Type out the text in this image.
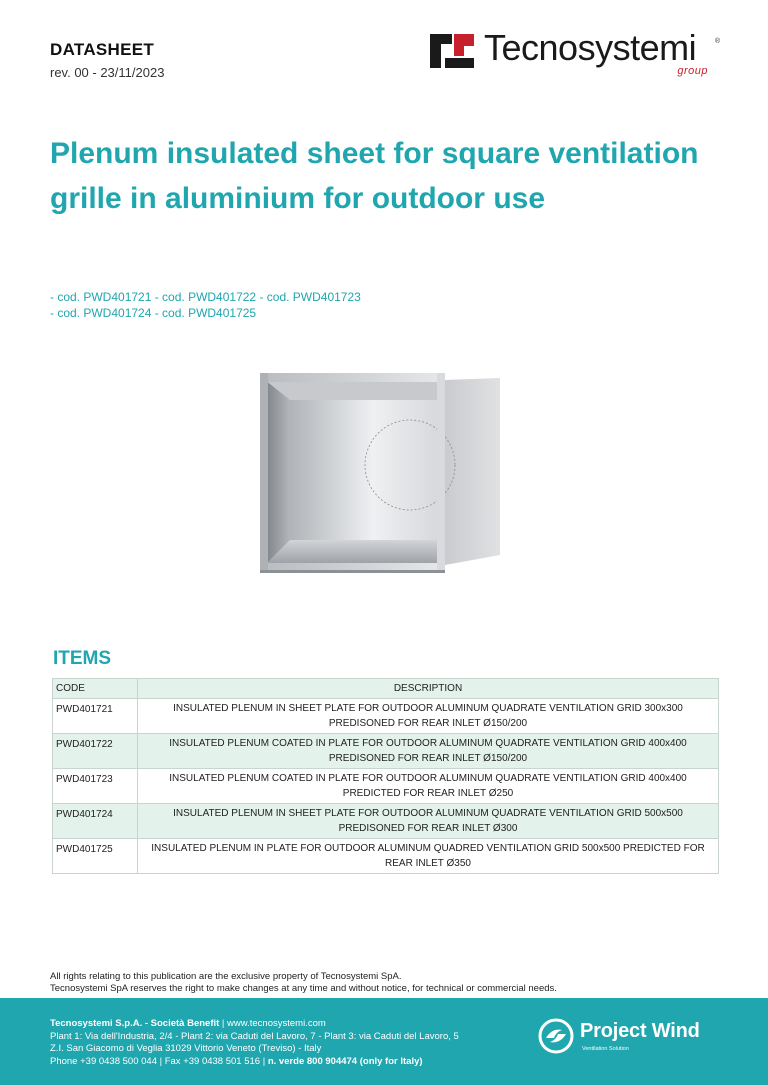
DATASHEET
rev. 00 - 23/11/2023
Tecnosystemi	®
group
Plenum insulated sheet for square ventilation grille in aluminium for outdoor use
- cod. PWD401721 - cod. PWD401722 - cod. PWD401723
- cod. PWD401724 - cod. PWD401725
ITEMS
CODE	DESCRIPTION
PWD401721	INSULATED PLENUM IN SHEET PLATE FOR OUTDOOR ALUMINUM QUADRATE VENTILATION GRID 300x300 PREDISONED FOR REAR INLET Ø150/200
PWD401722	INSULATED PLENUM COATED IN PLATE FOR OUTDOOR ALUMINUM QUADRATE VENTILATION GRID 400x400 PREDISONED FOR REAR INLET Ø150/200
PWD401723	INSULATED PLENUM COATED IN PLATE FOR OUTDOOR ALUMINUM QUADRATE VENTILATION GRID 400x400 PREDICTED FOR REAR INLET Ø250
PWD401724	INSULATED PLENUM IN SHEET PLATE FOR OUTDOOR ALUMINUM QUADRATE VENTILATION GRID 500x500 PREDISONED FOR REAR INLET Ø300
PWD401725	INSULATED PLENUM IN PLATE FOR OUTDOOR ALUMINUM QUADRED VENTILATION GRID 500x500 PREDICTED FOR REAR INLET Ø350
All rights relating to this publication are the exclusive property of Tecnosystemi SpA.
Tecnosystemi SpA reserves the right to make changes at any time and without notice, for technical or commercial needs.
Tecnosystemi S.p.A. - Società Benefit | www.tecnosystemi.com
Plant 1: Via dell'Industria, 2/4 - Plant 2: via Caduti del Lavoro, 7 - Plant 3: via Caduti del Lavoro, 5
Z.I. San Giacomo di Veglia 31029 Vittorio Veneto (Treviso) - Italy
Phone +39 0438 500 044 | Fax +39 0438 501 516 | n. verde 800 904474 (only for Italy)
Project Wind
Ventilation Solution
